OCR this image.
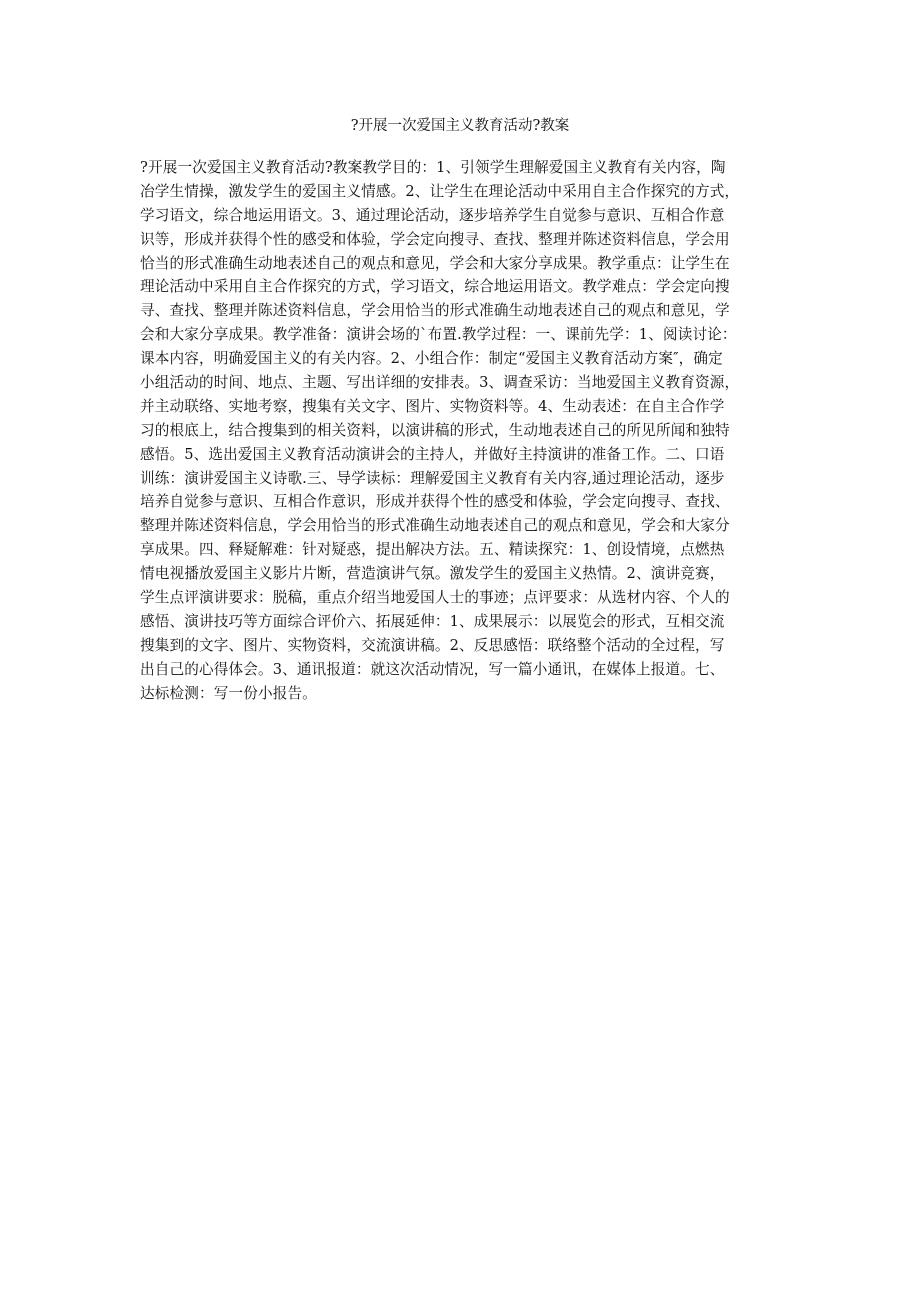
?开展一次爱国主义教育活动?教案
?开展一次爱国主义教育活动?教案教学目的：1、引领学生理解爱国主义教育有关内容，陶
冶学生情操，激发学生的爱国主义情感。2、让学生在理论活动中采用自主合作探究的方式，
学习语文，综合地运用语文。3、通过理论活动，逐步培养学生自觉参与意识、互相合作意
识等，形成并获得个性的感受和体验，学会定向搜寻、查找、整理并陈述资料信息，学会用
恰当的形式准确生动地表述自己的观点和意见，学会和大家分享成果。教学重点：让学生在
理论活动中采用自主合作探究的方式，学习语文，综合地运用语文。教学难点：学会定向搜
寻、查找、整理并陈述资料信息，学会用恰当的形式准确生动地表述自己的观点和意见，学
会和大家分享成果。教学准备：演讲会场的`布置.教学过程：一、课前先学：1、阅读讨论：
课本内容，明确爱国主义的有关内容。2、小组合作：制定“爱国主义教育活动方案″，确定
小组活动的时间、地点、主题、写出详细的安排表。3、调查采访：当地爱国主义教育资源，
并主动联络、实地考察，搜集有关文字、图片、实物资料等。4、生动表述：在自主合作学
习的根底上，结合搜集到的相关资料，以演讲稿的形式，生动地表述自己的所见所闻和独特
感悟。5、选出爱国主义教育活动演讲会的主持人，并做好主持演讲的准备工作。二、口语
训练：演讲爱国主义诗歌.三、导学读标：理解爱国主义教育有关内容,通过理论活动，逐步
培养自觉参与意识、互相合作意识，形成并获得个性的感受和体验，学会定向搜寻、查找、
整理并陈述资料信息，学会用恰当的形式准确生动地表述自己的观点和意见，学会和大家分
享成果。四、释疑解难：针对疑惑，提出解决方法。五、精读探究：1、创设情境，点燃热
情电视播放爱国主义影片片断，营造演讲气氛。激发学生的爱国主义热情。2、演讲竞赛，
学生点评演讲要求：脱稿，重点介绍当地爱国人士的事迹；点评要求：从选材内容、个人的
感悟、演讲技巧等方面综合评价六、拓展延伸：1、成果展示：以展览会的形式，互相交流
搜集到的文字、图片、实物资料，交流演讲稿。2、反思感悟：联络整个活动的全过程，写
出自己的心得体会。3、通讯报道：就这次活动情况，写一篇小通讯，在媒体上报道。七、
达标检测：写一份小报告。
